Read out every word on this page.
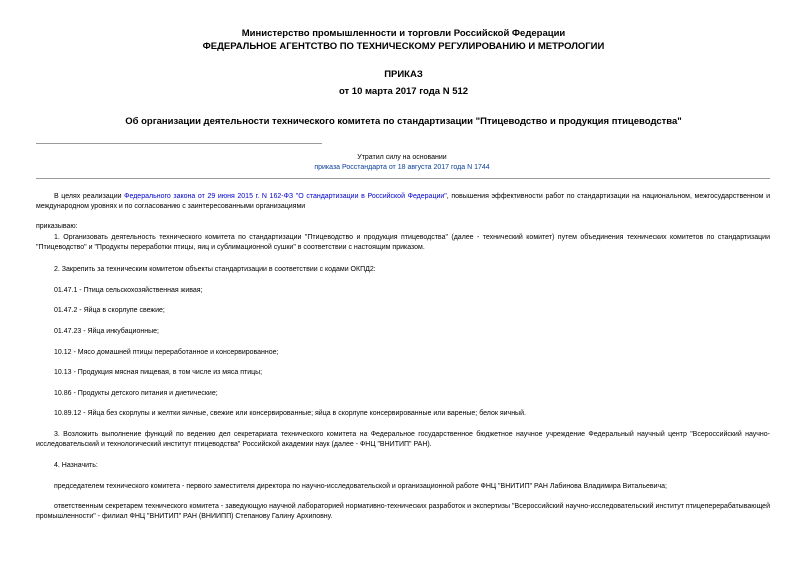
Министерство промышленности и торговли Российской Федерации
ФЕДЕРАЛЬНОЕ АГЕНТСТВО ПО ТЕХНИЧЕСКОМУ РЕГУЛИРОВАНИЮ И МЕТРОЛОГИИ
ПРИКАЗ
от 10 марта 2017 года N 512
Об организации деятельности технического комитета по стандартизации "Птицеводство и продукция птицеводства"
Утратил силу на основании
приказа Росстандарта от 18 августа 2017 года N 1744
В целях реализации Федерального закона от 29 июня 2015 г. N 162-ФЗ "О стандартизации в Российской Федерации", повышения эффективности работ по стандартизации на национальном, межгосударственном и международном уровнях и по согласованию с заинтересованными организациями
приказываю:
1. Организовать деятельность технического комитета по стандартизации "Птицеводство и продукция птицеводства" (далее - технический комитет) путем объединения технических комитетов по стандартизации "Птицеводство" и "Продукты переработки птицы, яиц и сублимационной сушки" в соответствии с настоящим приказом.
2. Закрепить за техническим комитетом объекты стандартизации в соответствии с кодами ОКПД2:
01.47.1 - Птица сельскохозяйственная живая;
01.47.2 - Яйца в скорлупе свежие;
01.47.23 - Яйца инкубационные;
10.12 - Мясо домашней птицы переработанное и консервированное;
10.13 - Продукция мясная пищевая, в том числе из мяса птицы;
10.86 - Продукты детского питания и диетические;
10.89.12 - Яйца без скорлупы и желтки яичные, свежие или консервированные; яйца в скорлупе консервированные или вареные; белок яичный.
3. Возложить выполнение функций по ведению дел секретариата технического комитета на Федеральное государственное бюджетное научное учреждение Федеральный научный центр "Всероссийский научно-исследовательский и технологический институт птицеводства" Российской академии наук (далее - ФНЦ "ВНИТИП" РАН).
4. Назначить:
председателем технического комитета - первого заместителя директора по научно-исследовательской и организационной работе ФНЦ "ВНИТИП" РАН Лабинова Владимира Витальевича;
ответственным секретарем технического комитета - заведующую научной лабораторией нормативно-технических разработок и экспертизы "Всероссийский научно-исследовательский институт птицеперерабатывающей промышленности" - филиал ФНЦ "ВНИТИП" РАН (ВНИИПП) Степанову Галину Архиповну.
